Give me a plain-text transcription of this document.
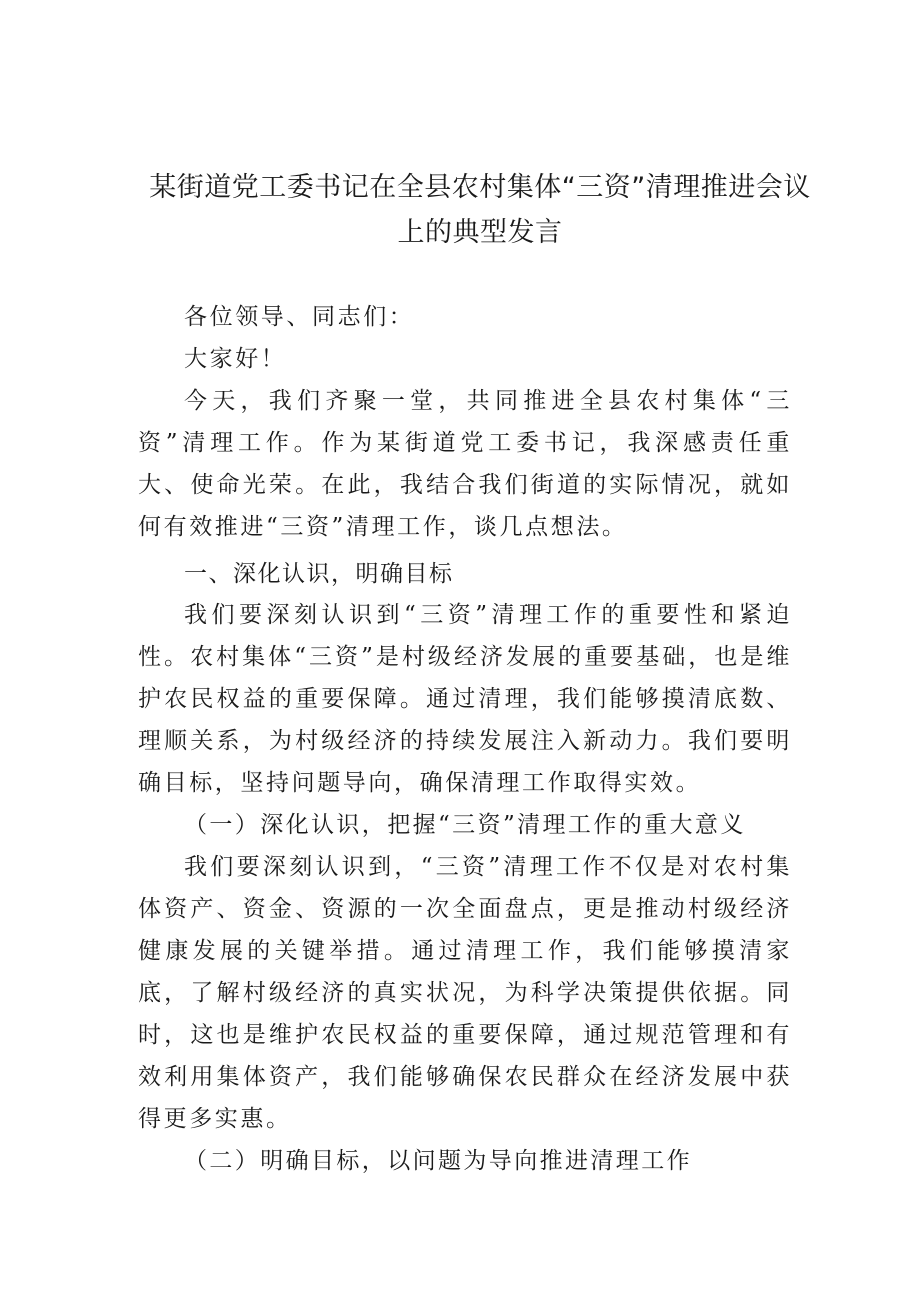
某街道党工委书记在全县农村集体“三资”清理推进会议上的典型发言

各位领导、同志们：

大家好！

今天，我们齐聚一堂，共同推进全县农村集体“三资”清理工作。作为某街道党工委书记，我深感责任重大、使命光荣。在此，我结合我们街道的实际情况，就如何有效推进“三资”清理工作，谈几点想法。

一、深化认识，明确目标

我们要深刻认识到“三资”清理工作的重要性和紧迫性。农村集体“三资”是村级经济发展的重要基础，也是维护农民权益的重要保障。通过清理，我们能够摸清底数、理顺关系，为村级经济的持续发展注入新动力。我们要明确目标，坚持问题导向，确保清理工作取得实效。

（一）深化认识，把握“三资”清理工作的重大意义

我们要深刻认识到，“三资”清理工作不仅是对农村集体资产、资金、资源的一次全面盘点，更是推动村级经济健康发展的关键举措。通过清理工作，我们能够摸清家底，了解村级经济的真实状况，为科学决策提供依据。同时，这也是维护农民权益的重要保障，通过规范管理和有效利用集体资产，我们能够确保农民群众在经济发展中获得更多实惠。

（二）明确目标，以问题为导向推进清理工作
